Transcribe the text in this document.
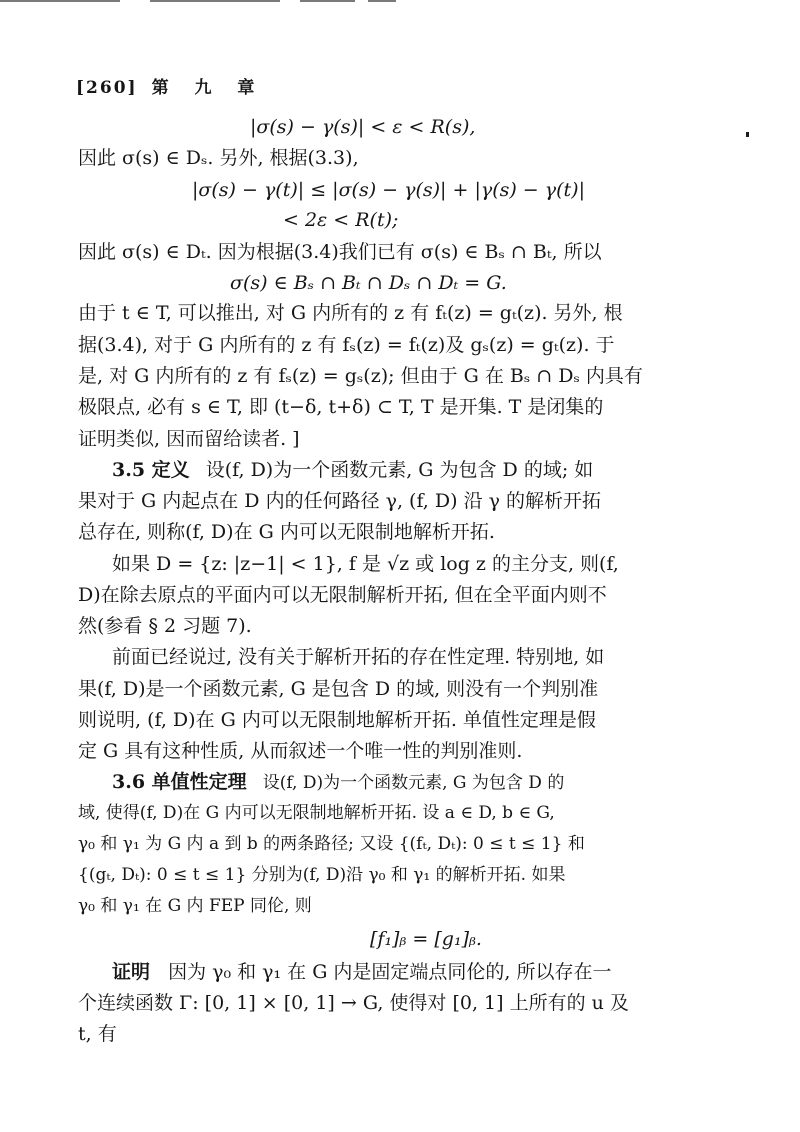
[260] 第 九 章
|σ(s) − γ(s)| < ε < R(s),
因此 σ(s) ∈ Dₛ. 另外, 根据(3.3),
|σ(s) − γ(t)| ≤ |σ(s) − γ(s)| + |γ(s) − γ(t)|
< 2ε < R(t);
因此 σ(s) ∈ Dₜ. 因为根据(3.4)我们已有 σ(s) ∈ Bₛ ∩ Bₜ, 所以
σ(s) ∈ Bₛ ∩ Bₜ ∩ Dₛ ∩ Dₜ = G.
由于 t ∈ T, 可以推出, 对 G 内所有的 z 有 fₜ(z) = gₜ(z). 另外, 根
据(3.4), 对于 G 内所有的 z 有 fₛ(z) = fₜ(z)及 gₛ(z) = gₜ(z). 于
是, 对 G 内所有的 z 有 fₛ(z) = gₛ(z); 但由于 G 在 Bₛ ∩ Dₛ 内具有
极限点, 必有 s ∈ T, 即 (t−δ, t+δ) ⊂ T, T 是开集. T 是闭集的
证明类似, 因而留给读者. ]
3.5 定义 设(f, D)为一个函数元素, G 为包含 D 的域; 如
果对于 G 内起点在 D 内的任何路径 γ, (f, D) 沿 γ 的解析开拓
总存在, 则称(f, D)在 G 内可以无限制地解析开拓.
如果 D = {z: |z−1| < 1}, f 是 √z 或 log z 的主分支, 则(f,
D)在除去原点的平面内可以无限制解析开拓, 但在全平面内则不
然(参看 § 2 习题 7).
前面已经说过, 没有关于解析开拓的存在性定理. 特别地, 如
果(f, D)是一个函数元素, G 是包含 D 的域, 则没有一个判别准
则说明, (f, D)在 G 内可以无限制地解析开拓. 单值性定理是假
定 G 具有这种性质, 从而叙述一个唯一性的判别准则.
3.6 单值性定理 设(f, D)为一个函数元素, G 为包含 D 的
域, 使得(f, D)在 G 内可以无限制地解析开拓. 设 a ∈ D, b ∈ G,
γ₀ 和 γ₁ 为 G 内 a 到 b 的两条路径; 又设 {(fₜ, Dₜ): 0 ≤ t ≤ 1} 和
{(gₜ, Dₜ): 0 ≤ t ≤ 1} 分别为(f, D)沿 γ₀ 和 γ₁ 的解析开拓. 如果
γ₀ 和 γ₁ 在 G 内 FEP 同伦, 则
[f₁]ᵦ = [g₁]ᵦ.
证明 因为 γ₀ 和 γ₁ 在 G 内是固定端点同伦的, 所以存在一
个连续函数 Γ: [0, 1] × [0, 1] → G, 使得对 [0, 1] 上所有的 u 及
t, 有
